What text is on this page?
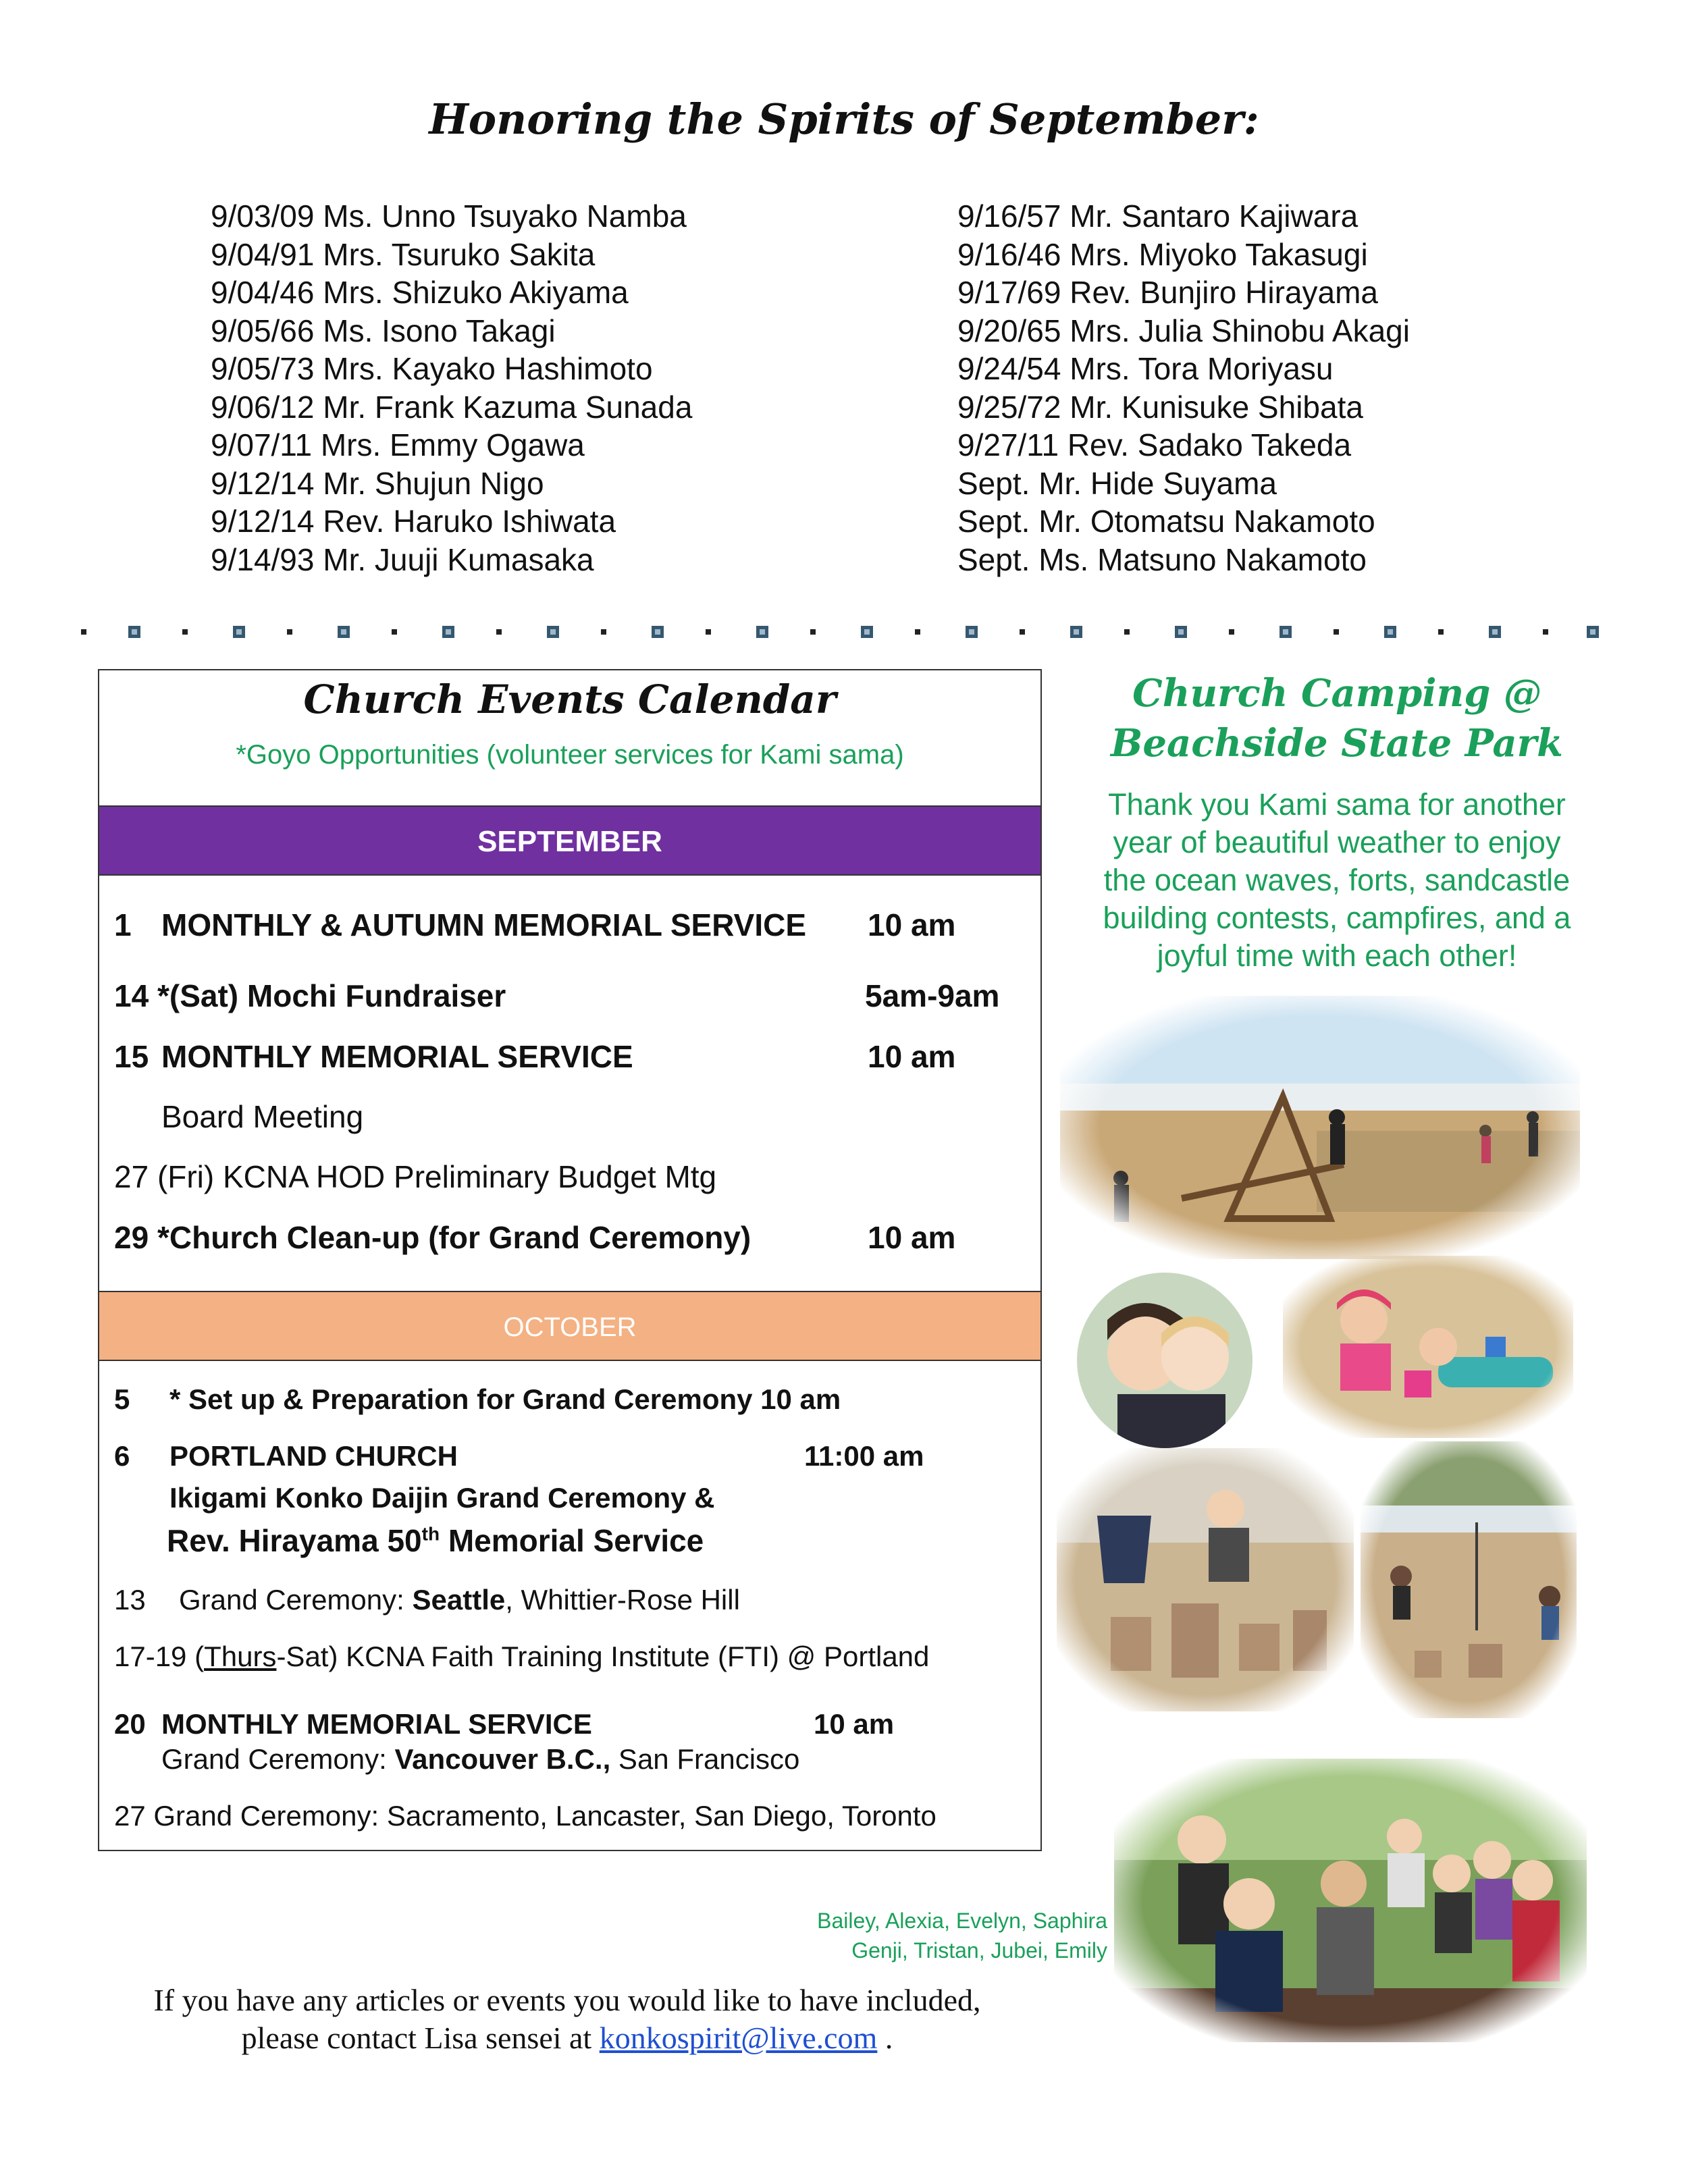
Honoring the Spirits of September:
9/03/09 Ms. Unno Tsuyako Namba
9/04/91 Mrs. Tsuruko Sakita
9/04/46 Mrs. Shizuko Akiyama
9/05/66 Ms. Isono Takagi
9/05/73 Mrs. Kayako Hashimoto
9/06/12 Mr. Frank Kazuma Sunada
9/07/11 Mrs. Emmy Ogawa
9/12/14 Mr. Shujun Nigo
9/12/14 Rev. Haruko Ishiwata
9/14/93 Mr. Juuji Kumasaka
9/16/57 Mr. Santaro Kajiwara
9/16/46 Mrs. Miyoko Takasugi
9/17/69 Rev. Bunjiro Hirayama
9/20/65 Mrs. Julia Shinobu Akagi
9/24/54 Mrs. Tora Moriyasu
9/25/72 Mr. Kunisuke Shibata
9/27/11 Rev. Sadako Takeda
Sept. Mr. Hide Suyama
Sept. Mr. Otomatsu Nakamoto
Sept. Ms. Matsuno Nakamoto
Church Events Calendar
*Goyo Opportunities (volunteer services for Kami sama)
SEPTEMBER
1 MONTHLY & AUTUMN MEMORIAL SERVICE 10 am
14 *(Sat) Mochi Fundraiser	5am-9am
15 MONTHLY MEMORIAL SERVICE	10 am
Board Meeting
27 (Fri) KCNA HOD Preliminary Budget Mtg
29 *Church Clean-up (for Grand Ceremony)	10 am
OCTOBER
5 * Set up & Preparation for Grand Ceremony 10 am
6 PORTLAND CHURCH	11:00 am
Ikigami Konko Daijin Grand Ceremony &
Rev. Hirayama 50th Memorial Service
13 Grand Ceremony: Seattle, Whittier-Rose Hill
17-19 (Thurs-Sat) KCNA Faith Training Institute (FTI) @ Portland
20 MONTHLY MEMORIAL SERVICE	10 am
Grand Ceremony: Vancouver B.C., San Francisco
27 Grand Ceremony: Sacramento, Lancaster, San Diego, Toronto
Church Camping @
Beachside State Park
Thank you Kami sama for another
year of beautiful weather to enjoy
the ocean waves, forts, sandcastle
building contests, campfires, and a
joyful time with each other!
Bailey, Alexia, Evelyn, Saphira
Genji, Tristan, Jubei, Emily
If you have any articles or events you would like to have included,
please contact Lisa sensei at konkospirit@live.com .
